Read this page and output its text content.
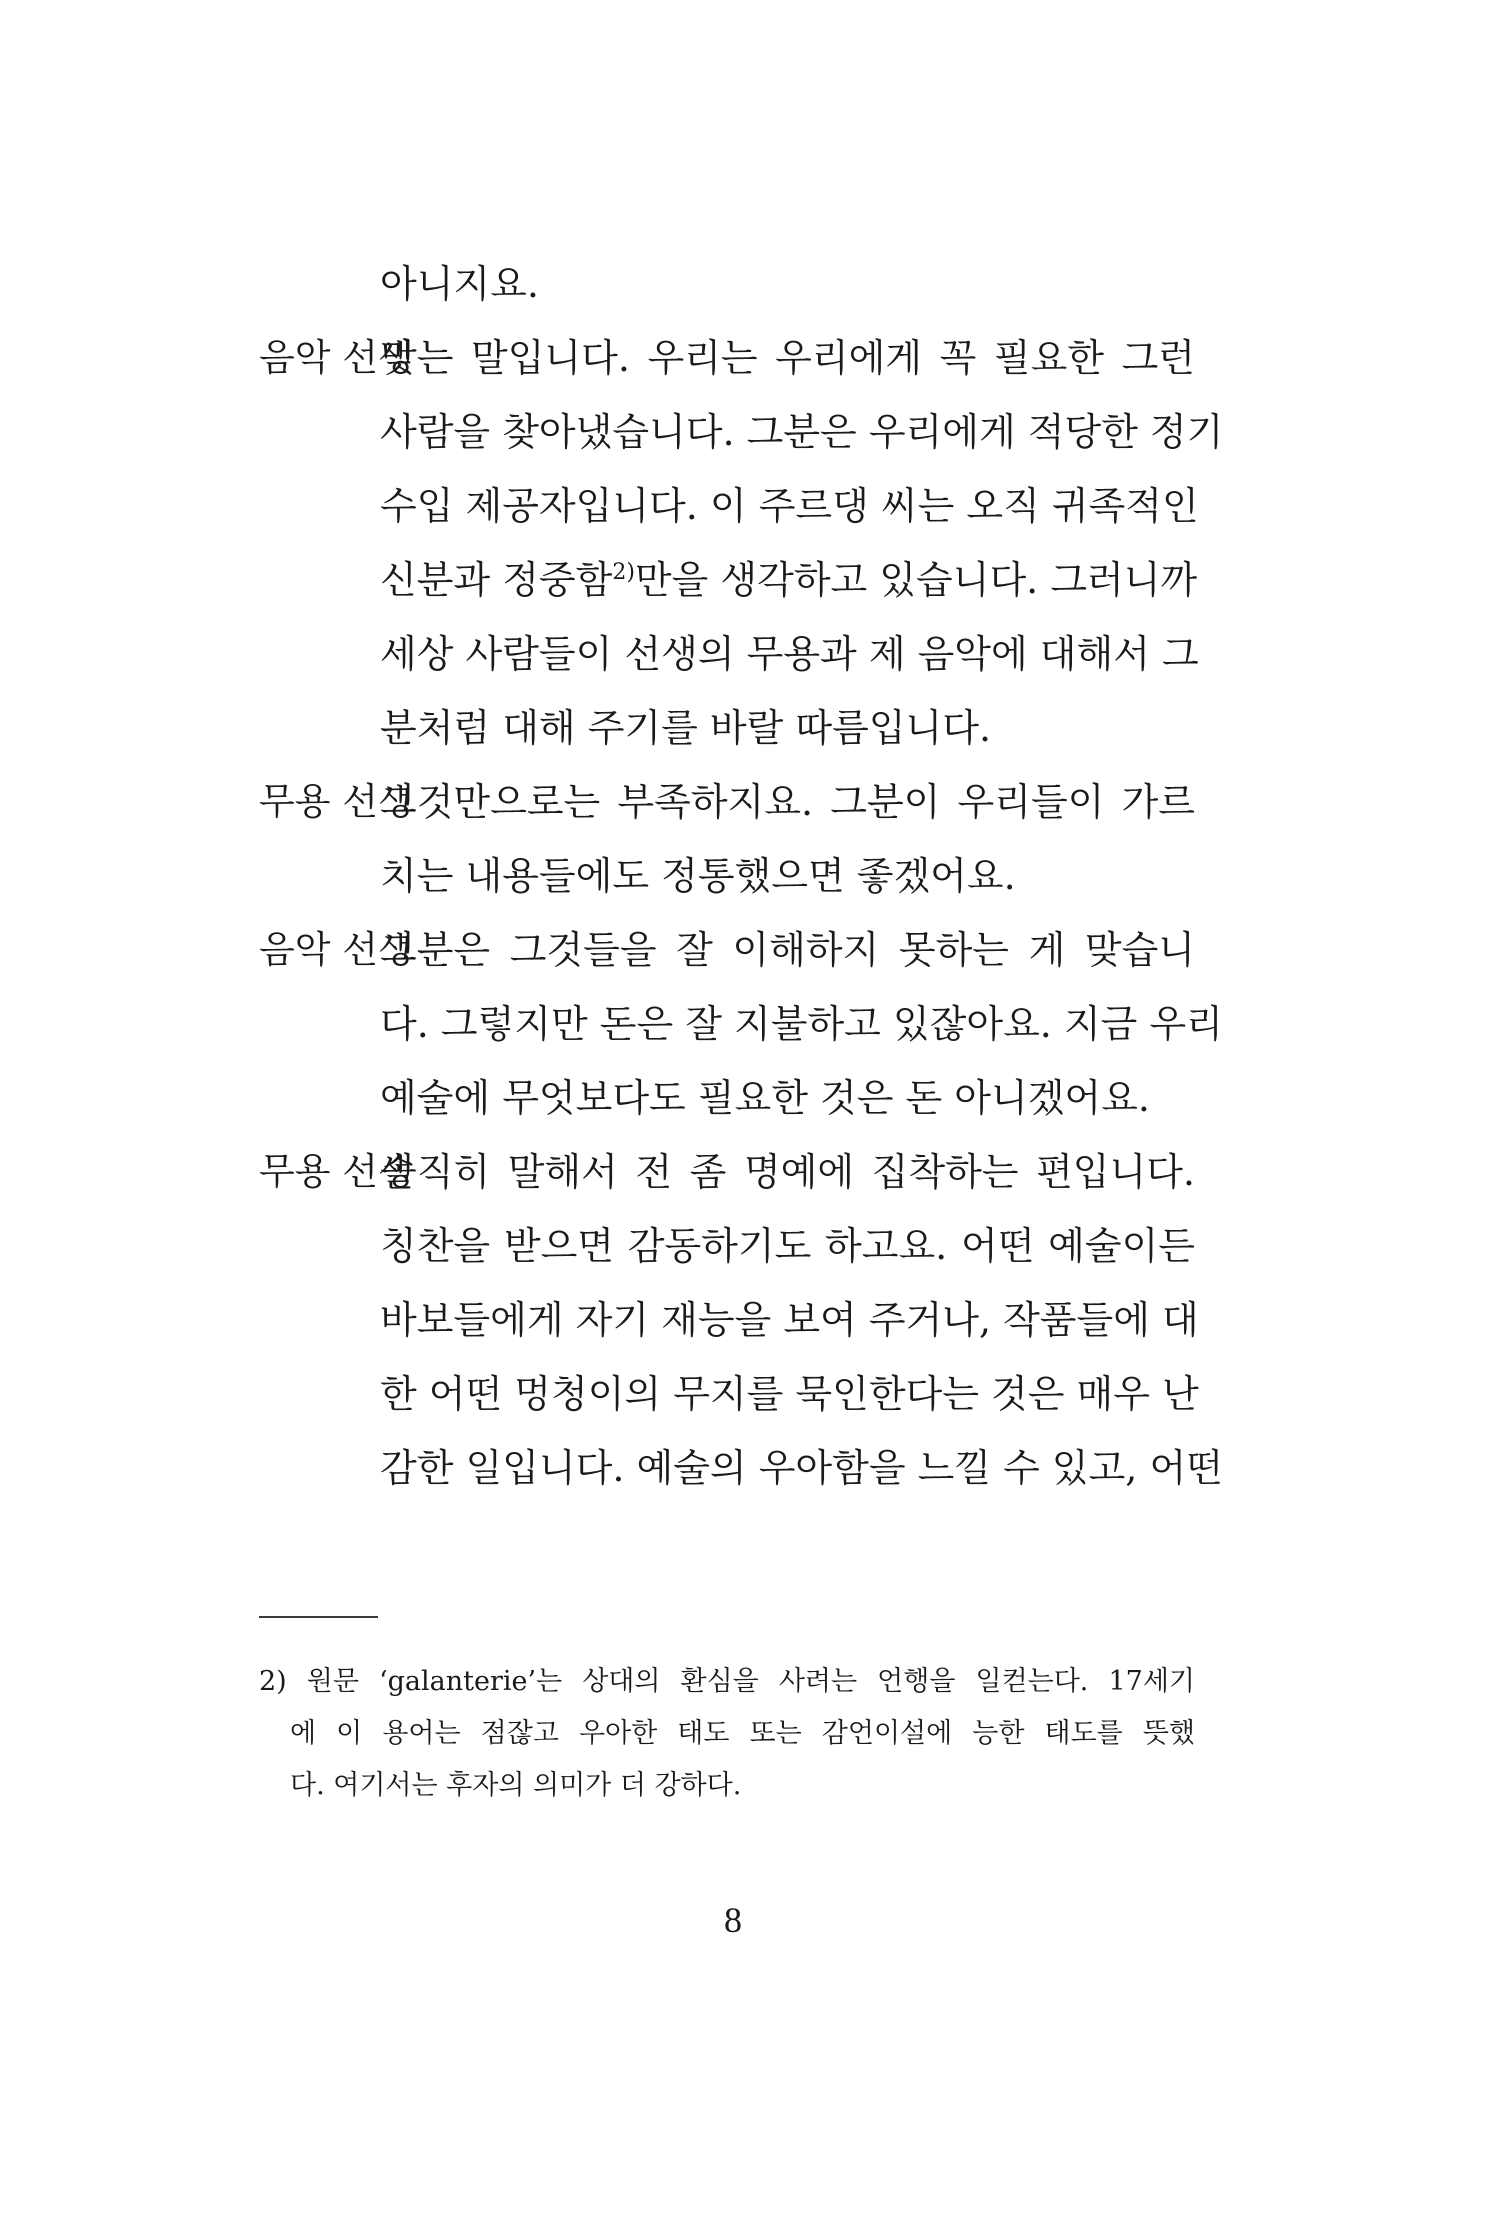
아니지요.
음악 선생
맞는 말입니다. 우리는 우리에게 꼭 필요한 그런
사람을 찾아냈습니다. 그분은 우리에게 적당한 정기
수입 제공자입니다. 이 주르댕 씨는 오직 귀족적인
신분과 정중함$^{2)}$만을 생각하고 있습니다. 그러니까
세상 사람들이 선생의 무용과 제 음악에 대해서 그
분처럼 대해 주기를 바랄 따름입니다.
무용 선생
그것만으로는 부족하지요. 그분이 우리들이 가르
치는 내용들에도 정통했으면 좋겠어요.
음악 선생
그분은 그것들을 잘 이해하지 못하는 게 맞습니
다. 그렇지만 돈은 잘 지불하고 있잖아요. 지금 우리
예술에 무엇보다도 필요한 것은 돈 아니겠어요.
무용 선생
솔직히 말해서 전 좀 명예에 집착하는 편입니다.
칭찬을 받으면 감동하기도 하고요. 어떤 예술이든
바보들에게 자기 재능을 보여 주거나, 작품들에 대
한 어떤 멍청이의 무지를 묵인한다는 것은 매우 난
감한 일입니다. 예술의 우아함을 느낄 수 있고, 어떤
2) 원문 ‘galanterie’는 상대의 환심을 사려는 언행을 일컫는다. 17세기
에 이 용어는 점잖고 우아한 태도 또는 감언이설에 능한 태도를 뜻했
다. 여기서는 후자의 의미가 더 강하다.
8
